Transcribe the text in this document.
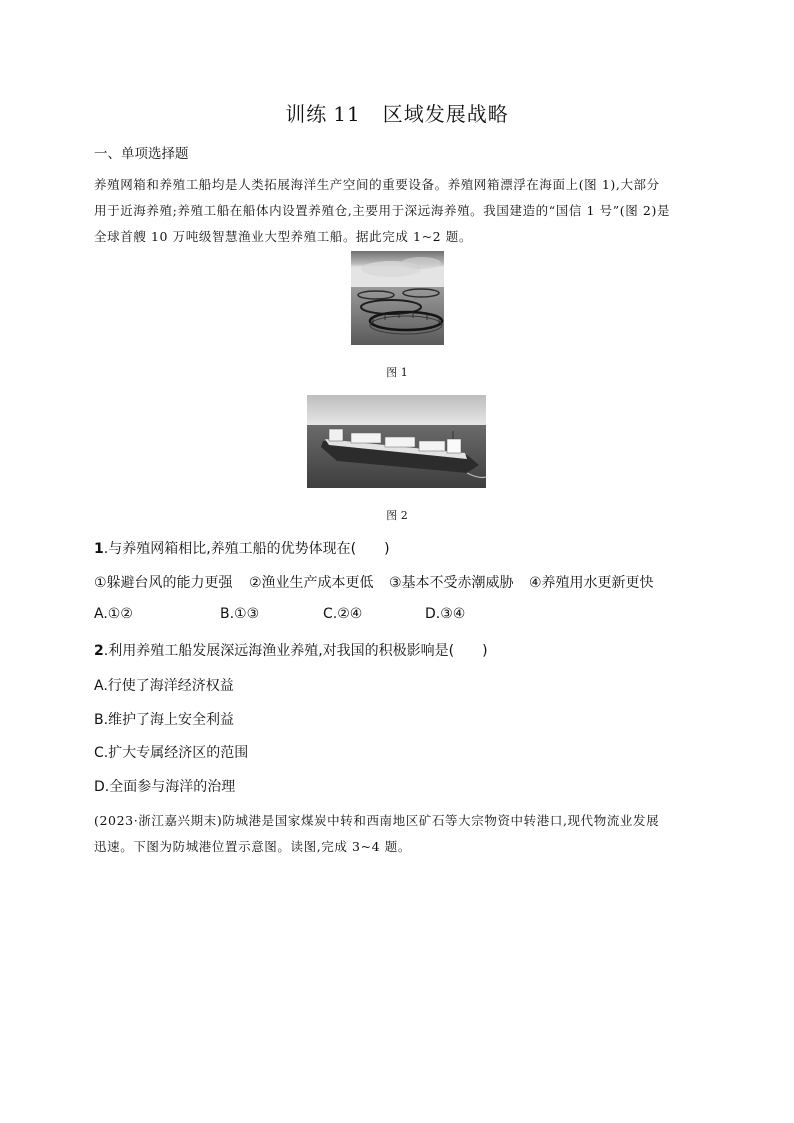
训练 11 区域发展战略
一、单项选择题
养殖网箱和养殖工船均是人类拓展海洋生产空间的重要设备。养殖网箱漂浮在海面上(图 1),大部分
用于近海养殖;养殖工船在船体内设置养殖仓,主要用于深远海养殖。我国建造的“国信 1 号”(图 2)是
全球首艘 10 万吨级智慧渔业大型养殖工船。据此完成 1~2 题。
图 1
图 2
1.与养殖网箱相比,养殖工船的优势体现在(　　)
①躲避台风的能力更强 ②渔业生产成本更低 ③基本不受赤潮威胁 ④养殖用水更新更快
A.①②	B.①③	C.②④	D.③④
2.利用养殖工船发展深远海渔业养殖,对我国的积极影响是(　　)
A.行使了海洋经济权益
B.维护了海上安全利益
C.扩大专属经济区的范围
D.全面参与海洋的治理
(2023·浙江嘉兴期末)防城港是国家煤炭中转和西南地区矿石等大宗物资中转港口,现代物流业发展
迅速。下图为防城港位置示意图。读图,完成 3~4 题。
